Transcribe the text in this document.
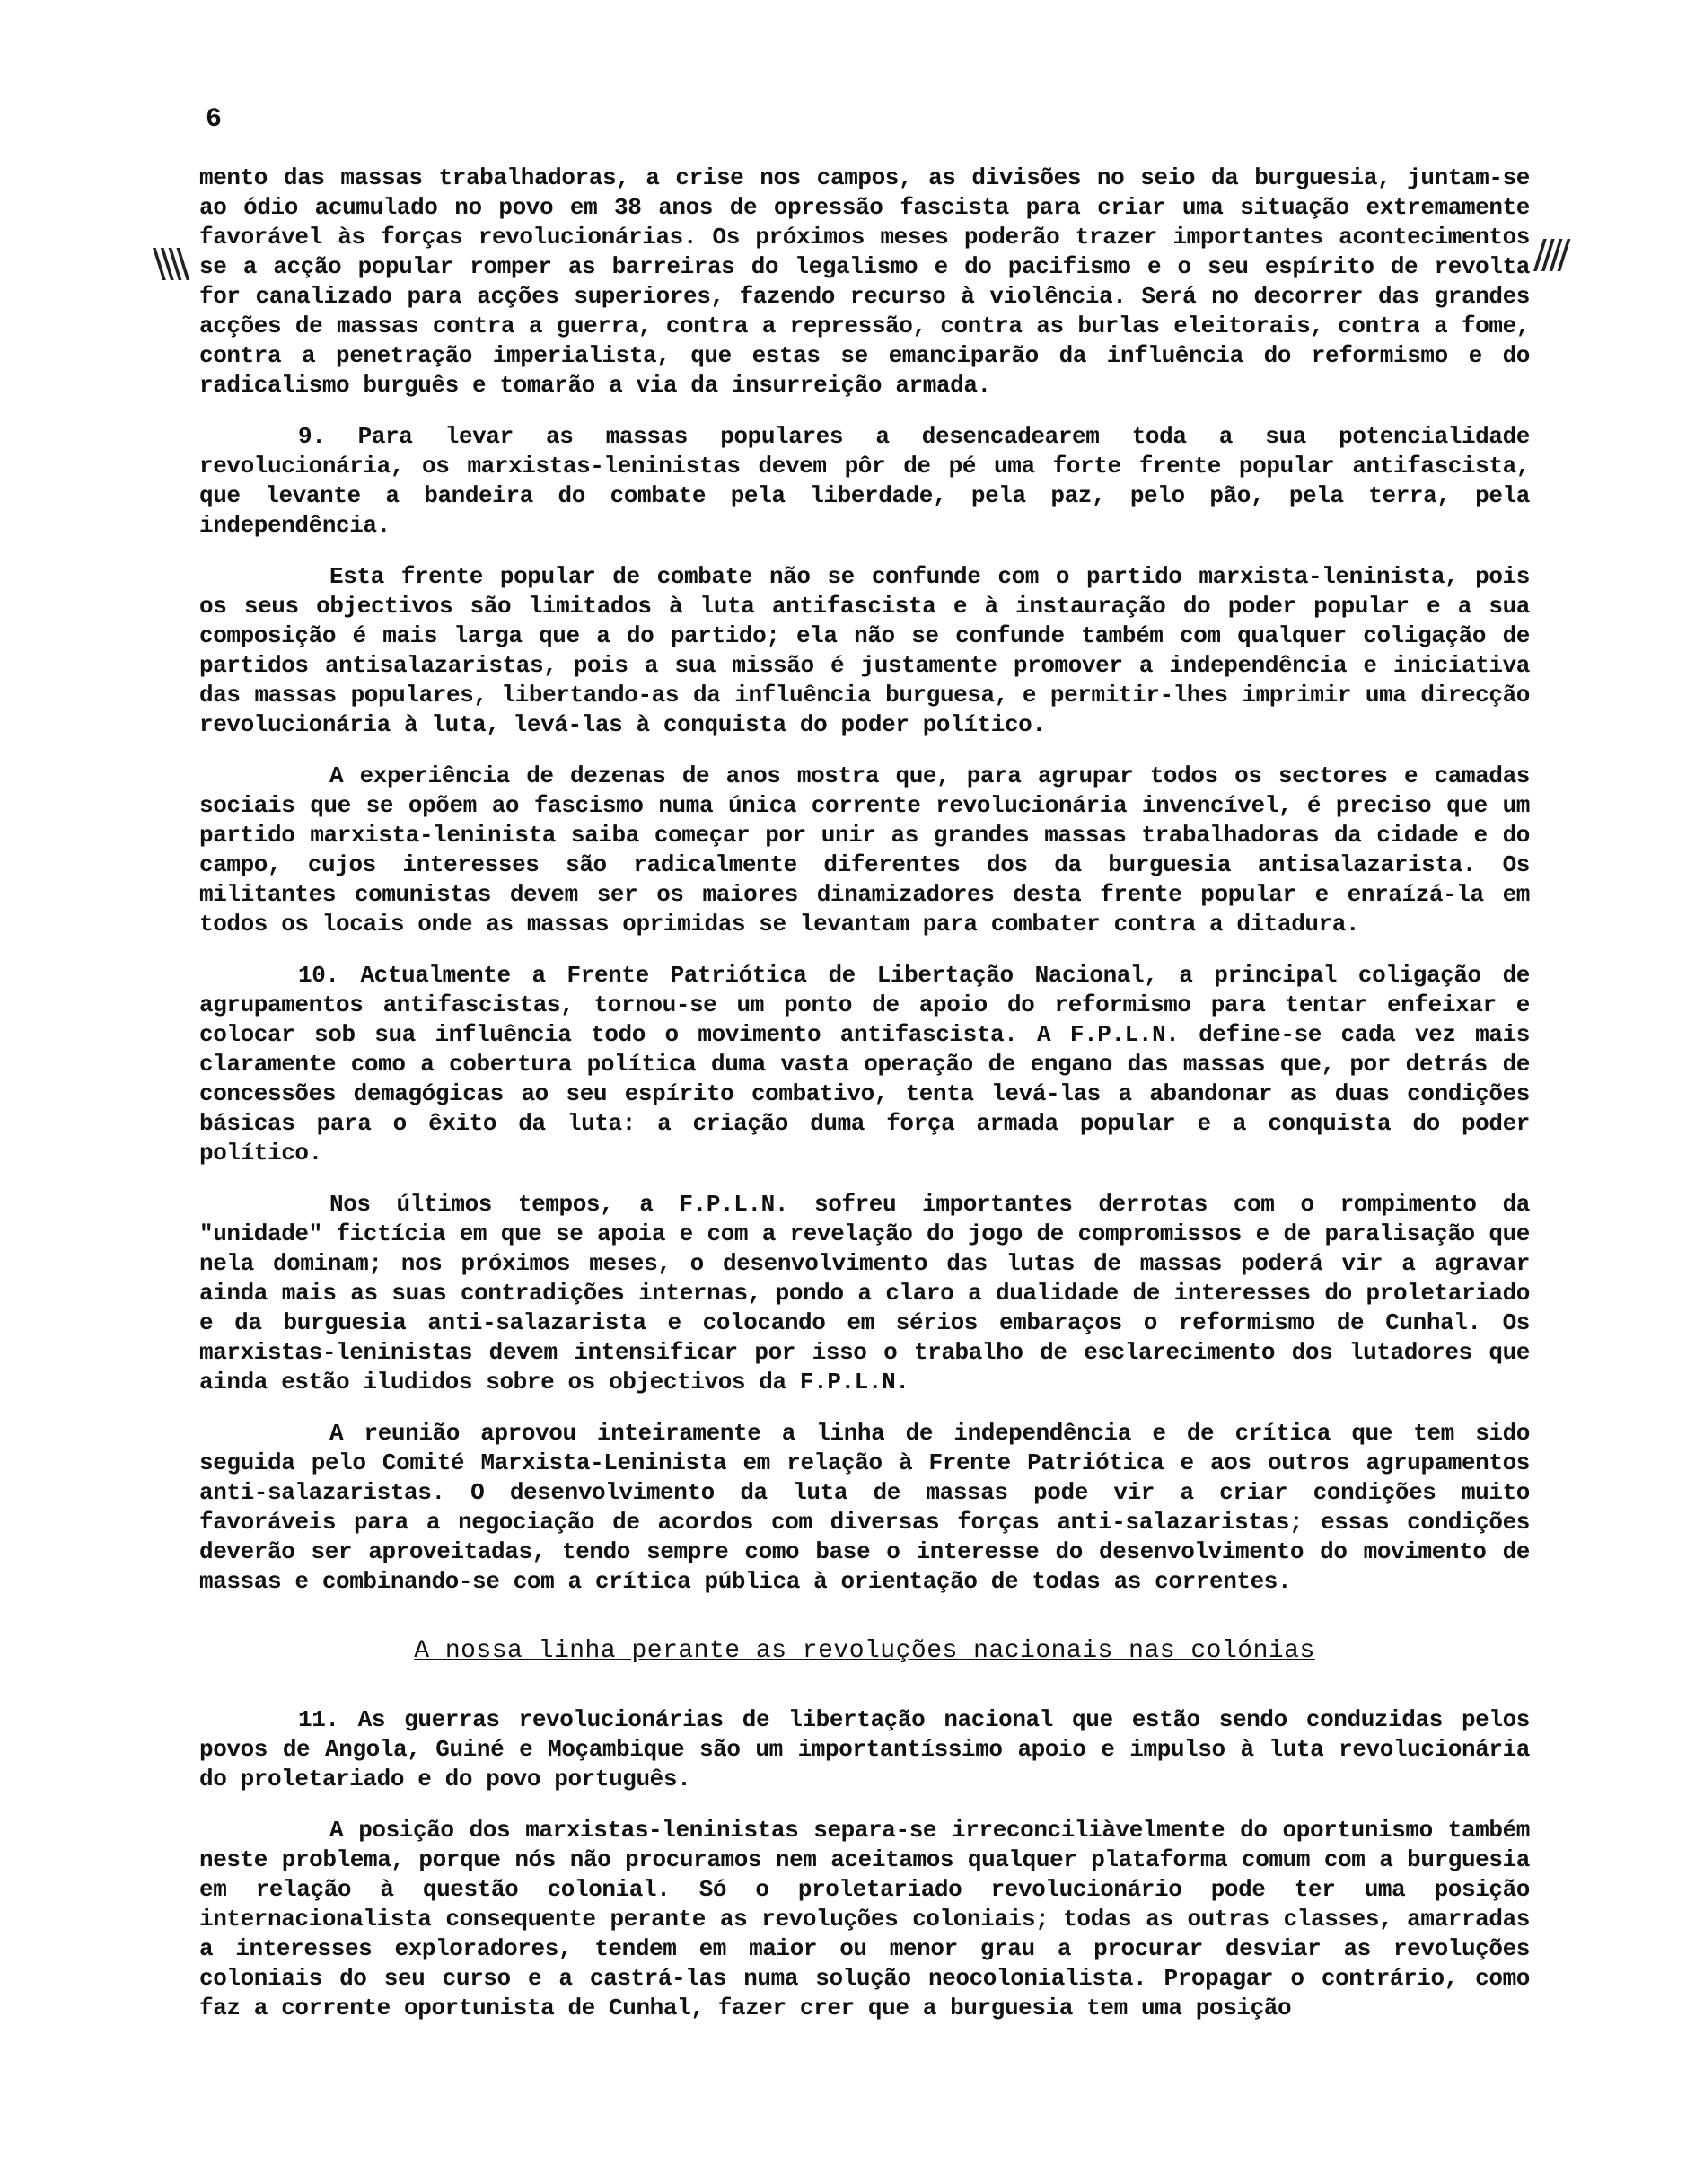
6
\\\\	////

mento das massas trabalhadoras, a crise nos campos, as divisões no seio da burguesia, juntam-se ao ódio acumulado no povo em 38 anos de opressão fascista para criar uma situação extremamente favorável às forças revolucionárias. Os próximos meses poderão trazer importantes acontecimentos se a acção popular romper as barreiras do legalismo e do pacifismo e o seu espírito de revolta for canalizado para acções superiores, fazendo recurso à violência. Será no decorrer das grandes acções de massas contra a guerra, contra a repressão, contra as burlas eleitorais, contra a fome, contra a penetração imperialista, que estas se emanciparão da influência do reformismo e do radicalismo burguês e tomarão a via da insurreição armada.

9. Para levar as massas populares a desencadearem toda a sua potencialidade revolucionária, os marxistas-leninistas devem pôr de pé uma forte frente popular antifascista, que levante a bandeira do combate pela liberdade, pela paz, pelo pão, pela terra, pela independência.

Esta frente popular de combate não se confunde com o partido marxista-leninista, pois os seus objectivos são limitados à luta antifascista e à instauração do poder popular e a sua composição é mais larga que a do partido; ela não se confunde também com qualquer coligação de partidos antisalazaristas, pois a sua missão é justamente promover a independência e iniciativa das massas populares, libertando-as da influência burguesa, e permitir-lhes imprimir uma direcção revolucionária à luta, levá-las à conquista do poder político.

A experiência de dezenas de anos mostra que, para agrupar todos os sectores e camadas sociais que se opõem ao fascismo numa única corrente revolucionária invencível, é preciso que um partido marxista-leninista saiba começar por unir as grandes massas trabalhadoras da cidade e do campo, cujos interesses são radicalmente diferentes dos da burguesia antisalazarista. Os militantes comunistas devem ser os maiores dinamizadores desta frente popular e enraízá-la em todos os locais onde as massas oprimidas se levantam para combater contra a ditadura.

10. Actualmente a Frente Patriótica de Libertação Nacional, a principal coligação de agrupamentos antifascistas, tornou-se um ponto de apoio do reformismo para tentar enfeixar e colocar sob sua influência todo o movimento antifascista. A F.P.L.N. define-se cada vez mais claramente como a cobertura política duma vasta operação de engano das massas que, por detrás de concessões demagógicas ao seu espírito combativo, tenta levá-las a abandonar as duas condições básicas para o êxito da luta: a criação duma força armada popular e a conquista do poder político.

Nos últimos tempos, a F.P.L.N. sofreu importantes derrotas com o rompimento da "unidade" fictícia em que se apoia e com a revelação do jogo de compromissos e de paralisação que nela dominam; nos próximos meses, o desenvolvimento das lutas de massas poderá vir a agravar ainda mais as suas contradições internas, pondo a claro a dualidade de interesses do proletariado e da burguesia anti-salazarista e colocando em sérios embaraços o reformismo de Cunhal. Os marxistas-leninistas devem intensificar por isso o trabalho de esclarecimento dos lutadores que ainda estão iludidos sobre os objectivos da F.P.L.N.

A reunião aprovou inteiramente a linha de independência e de crítica que tem sido seguida pelo Comité Marxista-Leninista em relação à Frente Patriótica e aos outros agrupamentos anti-salazaristas. O desenvolvimento da luta de massas pode vir a criar condições muito favoráveis para a negociação de acordos com diversas forças anti-salazaristas; essas condições deverão ser aproveitadas, tendo sempre como base o interesse do desenvolvimento do movimento de massas e combinando-se com a crítica pública à orientação de todas as correntes.

A nossa linha perante as revoluções nacionais nas colónias

11. As guerras revolucionárias de libertação nacional que estão sendo conduzidas pelos povos de Angola, Guiné e Moçambique são um importantíssimo apoio e impulso à luta revolucionária do proletariado e do povo português.

A posição dos marxistas-leninistas separa-se irreconciliàvelmente do oportunismo também neste problema, porque nós não procuramos nem aceitamos qualquer plataforma comum com a burguesia em relação à questão colonial. Só o proletariado revolucionário pode ter uma posição internacionalista consequente perante as revoluções coloniais; todas as outras classes, amarradas a interesses exploradores, tendem em maior ou menor grau a procurar desviar as revoluções coloniais do seu curso e a castrá-las numa solução neocolonialista. Propagar o contrário, como faz a corrente oportunista de Cunhal, fazer crer que a burguesia tem uma posição
